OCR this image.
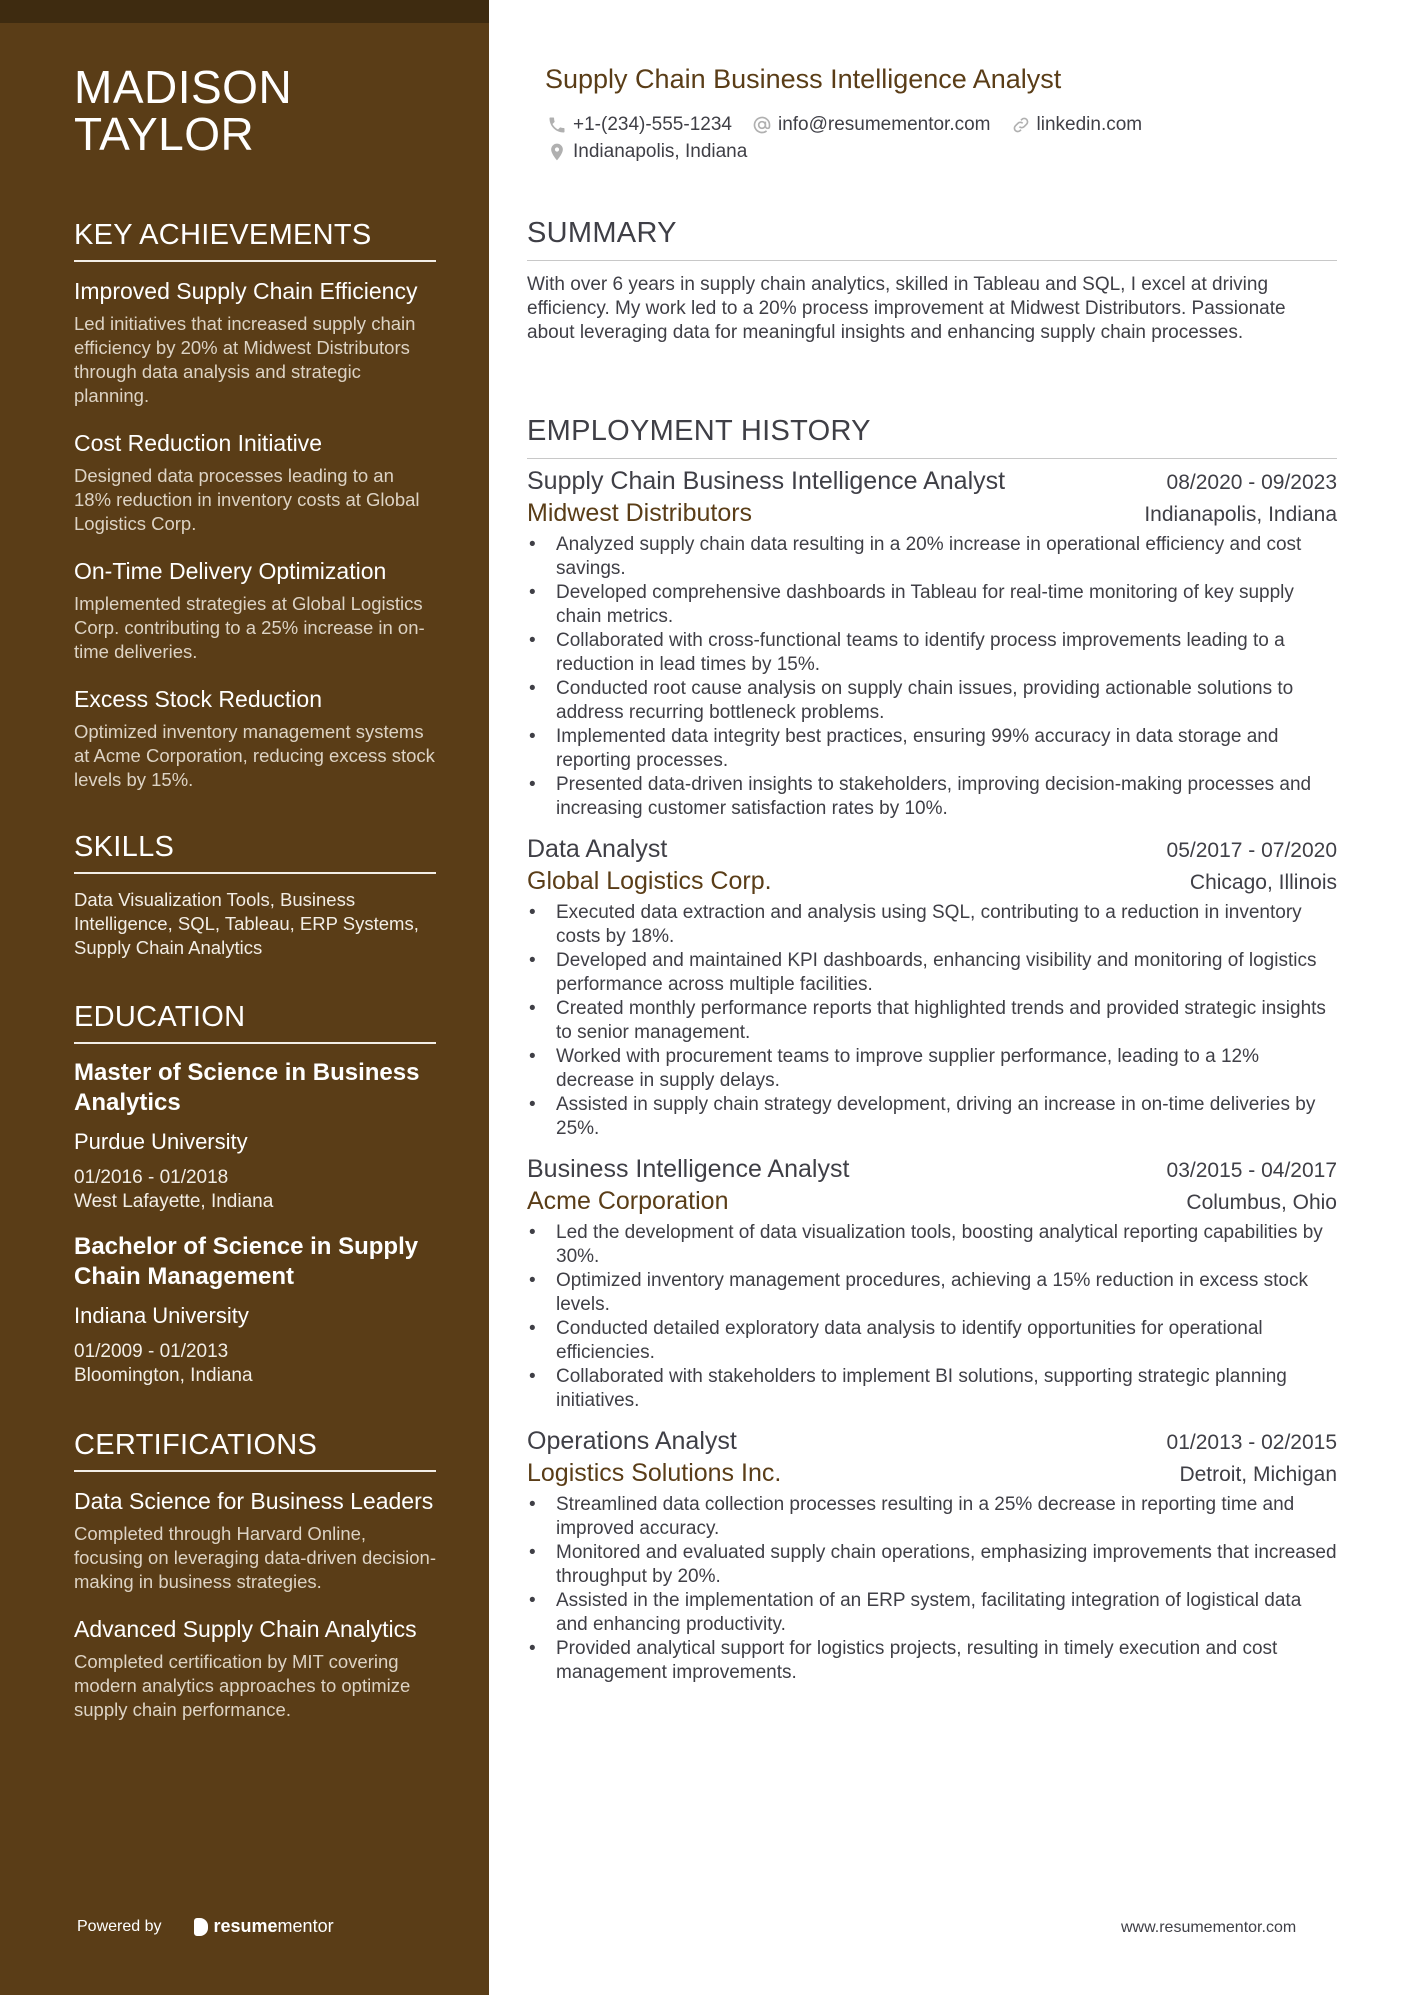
MADISON
TAYLOR
KEY ACHIEVEMENTS
Improved Supply Chain Efficiency
Led initiatives that increased supply chain efficiency by 20% at Midwest Distributors through data analysis and strategic planning.
Cost Reduction Initiative
Designed data processes leading to an 18% reduction in inventory costs at Global Logistics Corp.
On-Time Delivery Optimization
Implemented strategies at Global Logistics Corp. contributing to a 25% increase in on-time deliveries.
Excess Stock Reduction
Optimized inventory management systems at Acme Corporation, reducing excess stock levels by 15%.
SKILLS
Data Visualization Tools, Business Intelligence, SQL, Tableau, ERP Systems, Supply Chain Analytics
EDUCATION
Master of Science in Business Analytics
Purdue University
01/2016 - 01/2018
West Lafayette, Indiana
Bachelor of Science in Supply Chain Management
Indiana University
01/2009 - 01/2013
Bloomington, Indiana
CERTIFICATIONS
Data Science for Business Leaders
Completed through Harvard Online, focusing on leveraging data-driven decision-making in business strategies.
Advanced Supply Chain Analytics
Completed certification by MIT covering modern analytics approaches to optimize supply chain performance.
Powered by	resume mentor
Supply Chain Business Intelligence Analyst
+1-(234)-555-1234 info@resumementor.com linkedin.com
Indianapolis, Indiana
SUMMARY
With over 6 years in supply chain analytics, skilled in Tableau and SQL, I excel at driving efficiency. My work led to a 20% process improvement at Midwest Distributors. Passionate about leveraging data for meaningful insights and enhancing supply chain processes.
EMPLOYMENT HISTORY
Supply Chain Business Intelligence Analyst	08/2020 - 09/2023
Midwest Distributors	Indianapolis, Indiana
• Analyzed supply chain data resulting in a 20% increase in operational efficiency and cost savings.
• Developed comprehensive dashboards in Tableau for real-time monitoring of key supply chain metrics.
• Collaborated with cross-functional teams to identify process improvements leading to a reduction in lead times by 15%.
• Conducted root cause analysis on supply chain issues, providing actionable solutions to address recurring bottleneck problems.
• Implemented data integrity best practices, ensuring 99% accuracy in data storage and reporting processes.
• Presented data-driven insights to stakeholders, improving decision-making processes and increasing customer satisfaction rates by 10%.
Data Analyst	05/2017 - 07/2020
Global Logistics Corp.	Chicago, Illinois
• Executed data extraction and analysis using SQL, contributing to a reduction in inventory costs by 18%.
• Developed and maintained KPI dashboards, enhancing visibility and monitoring of logistics performance across multiple facilities.
• Created monthly performance reports that highlighted trends and provided strategic insights to senior management.
• Worked with procurement teams to improve supplier performance, leading to a 12% decrease in supply delays.
• Assisted in supply chain strategy development, driving an increase in on-time deliveries by 25%.
Business Intelligence Analyst	03/2015 - 04/2017
Acme Corporation	Columbus, Ohio
• Led the development of data visualization tools, boosting analytical reporting capabilities by 30%.
• Optimized inventory management procedures, achieving a 15% reduction in excess stock levels.
• Conducted detailed exploratory data analysis to identify opportunities for operational efficiencies.
• Collaborated with stakeholders to implement BI solutions, supporting strategic planning initiatives.
Operations Analyst	01/2013 - 02/2015
Logistics Solutions Inc.	Detroit, Michigan
• Streamlined data collection processes resulting in a 25% decrease in reporting time and improved accuracy.
• Monitored and evaluated supply chain operations, emphasizing improvements that increased throughput by 20%.
• Assisted in the implementation of an ERP system, facilitating integration of logistical data and enhancing productivity.
• Provided analytical support for logistics projects, resulting in timely execution and cost management improvements.
www.resumementor.com
